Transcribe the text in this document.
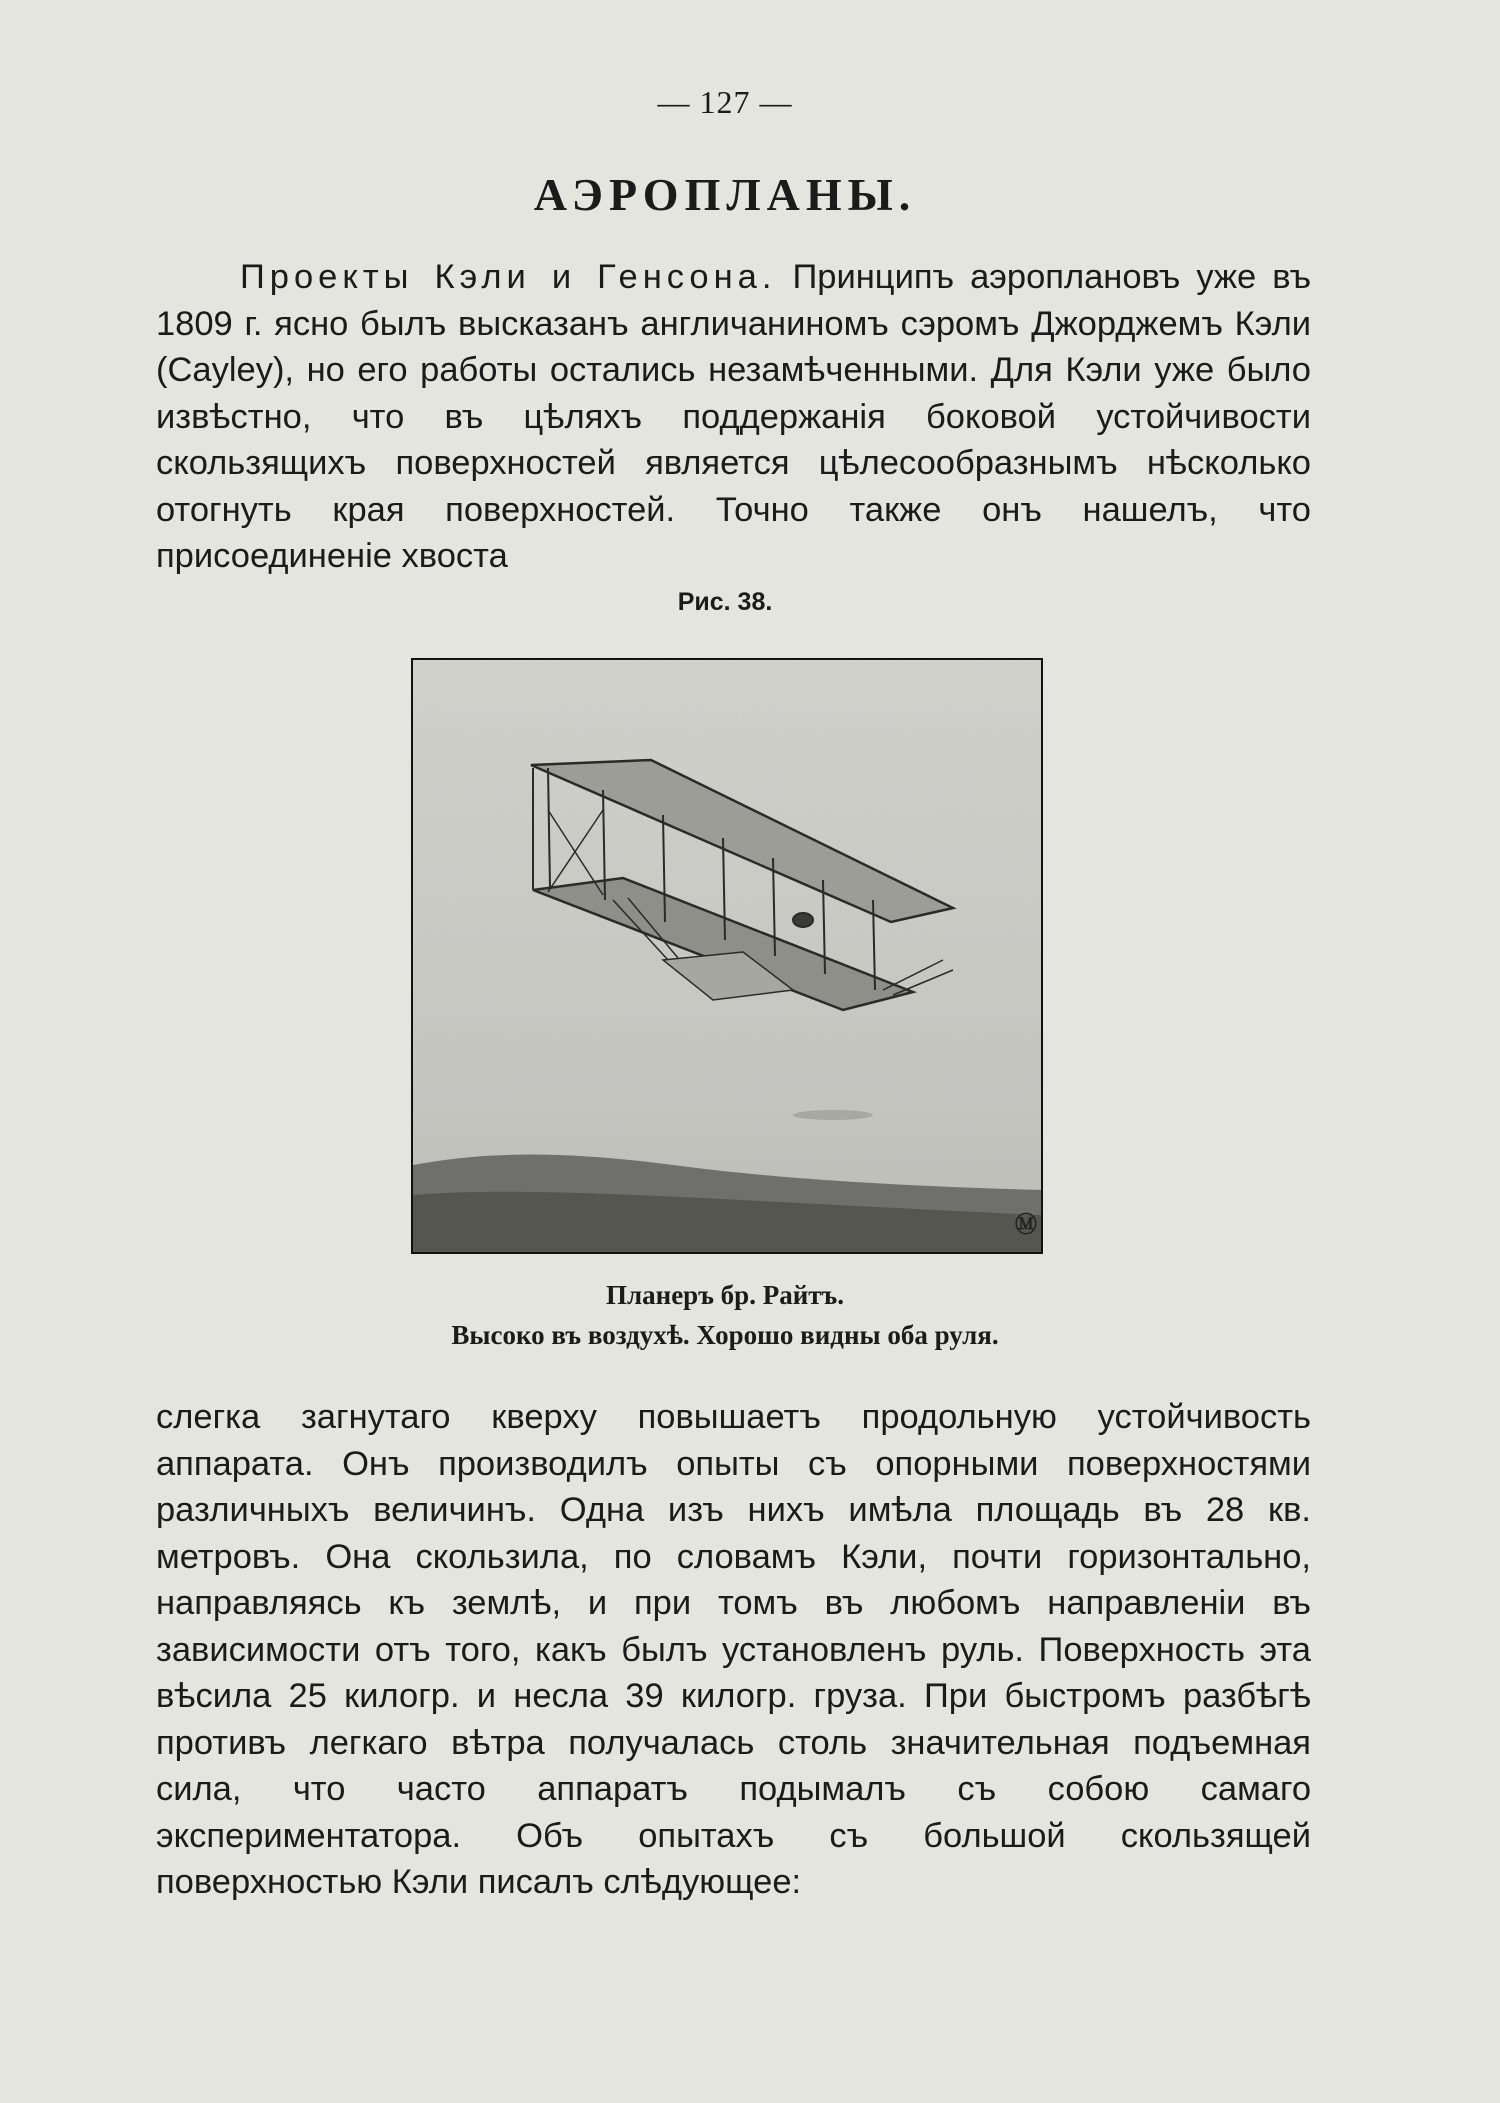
— 127 —
АЭРОПЛАНЫ.

Проекты Кэли и Генсона. Принципъ аэроплановъ уже въ 1809 г. ясно былъ высказанъ англичаниномъ сэромъ Джорджемъ Кэли (Cayley), но его работы остались незамѣченными. Для Кэли уже было извѣстно, что въ цѣляхъ поддержанія боковой устойчивости скользящихъ поверхностей является цѣлесообразнымъ нѣсколько отогнуть края поверхностей. Точно также онъ нашелъ, что присоединеніе хвоста

Рис. 38.

Ⓜ

Планеръ бр. Райтъ.

Высоко въ воздухѣ. Хорошо видны оба руля.

слегка загнутаго кверху повышаетъ продольную устойчивость аппарата. Онъ производилъ опыты съ опорными поверхностями различныхъ величинъ. Одна изъ нихъ имѣла площадь въ 28 кв. метровъ. Она скользила, по словамъ Кэли, почти горизонтально, направляясь къ землѣ, и при томъ въ любомъ направленіи въ зависимости отъ того, какъ былъ установленъ руль. Поверхность эта вѣсила 25 килогр. и несла 39 килогр. груза. При быстромъ разбѣгѣ противъ легкаго вѣтра получалась столь значительная подъемная сила, что часто аппаратъ подымалъ съ собою самаго экспериментатора. Объ опытахъ съ большой скользящей поверхностью Кэли писалъ слѣдующее:
